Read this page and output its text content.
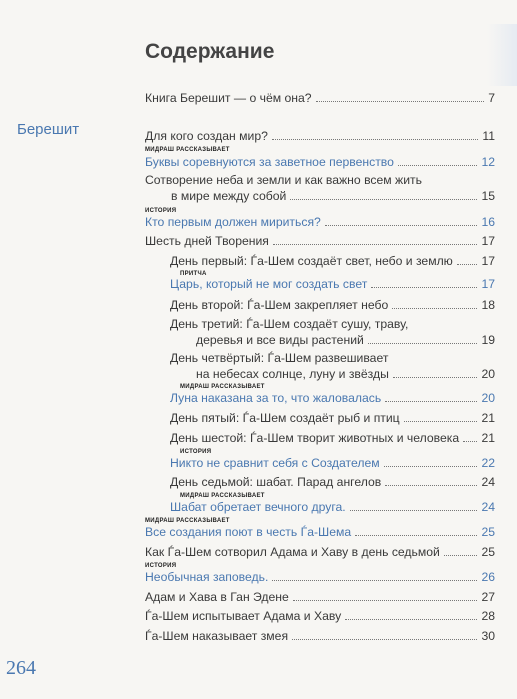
Содержание
Берешит
Книга Берешит — о чём она?	7
Для кого создан мир?	11
МИДРАШ РАССКАЗЫВАЕТ
Буквы соревнуются за заветное первенство	12
Сотворение неба и земли и как важно всем жить
в мире между собой	15
ИСТОРИЯ
Кто первым должен мириться?	16
Шесть дней Творения	17
День первый: Ѓа-Шем создаёт свет, небо и землю 17
ПРИТЧА
Царь, который не мог создать свет	17
День второй: Ѓа-Шем закрепляет небо	18
День третий: Ѓа-Шем создаёт сушу, траву,
деревья и все виды растений	19
День четвёртый: Ѓа-Шем развешивает
на небесах солнце, луну и звёзды	20
МИДРАШ РАССКАЗЫВАЕТ
Луна наказана за то, что жаловалась	20
День пятый: Ѓа-Шем создаёт рыб и птиц	21
День шестой: Ѓа-Шем творит животных и человека 21
ИСТОРИЯ
Никто не сравнит себя с Создателем	22
День седьмой: шабат. Парад ангелов	24
МИДРАШ РАССКАЗЫВАЕТ
Шабат обретает вечного друга.	24
МИДРАШ РАССКАЗЫВАЕТ
Все создания поют в честь Ѓа-Шема	25
Как Ѓа-Шем сотворил Адама и Хаву в день седьмой	25
ИСТОРИЯ
Необычная заповедь.	26
Адам и Хава в Ган Эдене	27
Ѓа-Шем испытывает Адама и Хаву	28
Ѓа-Шем наказывает змея	30
264
